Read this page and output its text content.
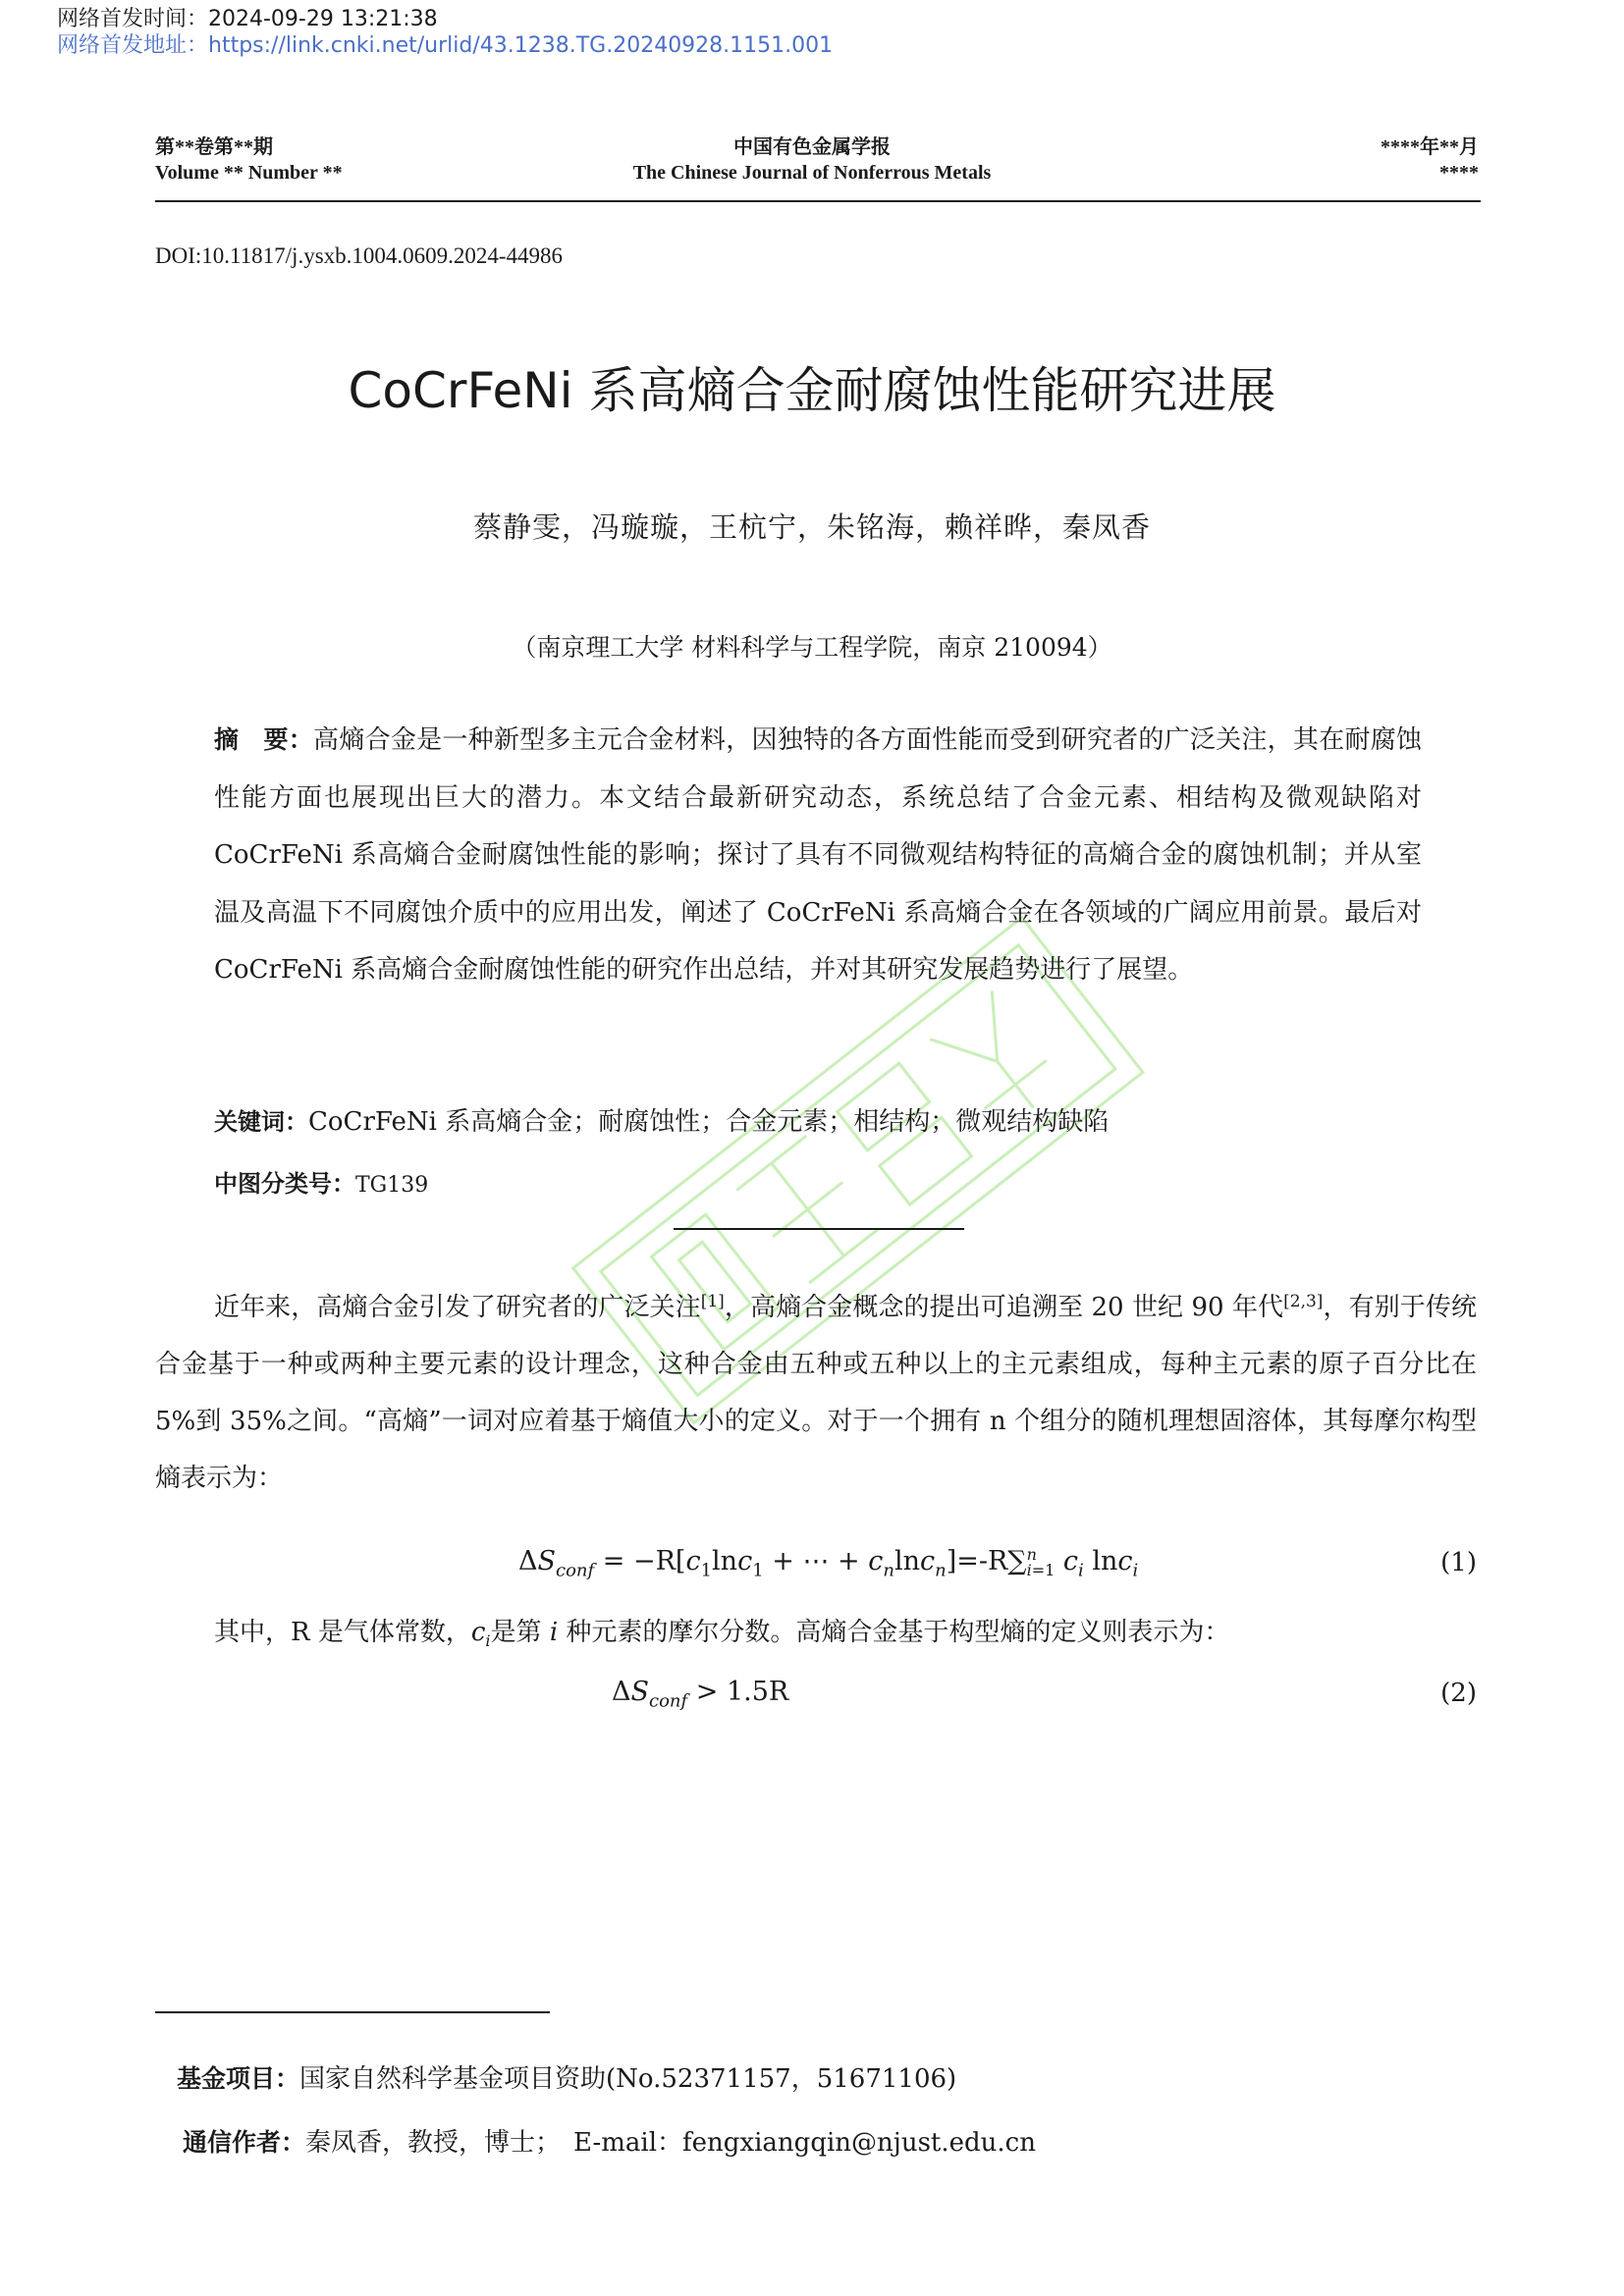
网络首发时间：2024-09-29 13:21:38
网络首发地址：https://link.cnki.net/urlid/43.1238.TG.20240928.1151.001
第**卷第**期
Volume ** Number **
中国有色金属学报
The Chinese Journal of Nonferrous Metals
****年**月
****
DOI:10.11817/j.ysxb.1004.0609.2024-44986
CoCrFeNi 系高熵合金耐腐蚀性能研究进展
蔡静雯，冯璇璇，王杭宁，朱铭海，赖祥晔，秦凤香
（南京理工大学 材料科学与工程学院，南京 210094）
摘　要：高熵合金是一种新型多主元合金材料，因独特的各方面性能而受到研究者的广泛关注，其在耐腐蚀性能方面也展现出巨大的潜力。本文结合最新研究动态，系统总结了合金元素、相结构及微观缺陷对 CoCrFeNi 系高熵合金耐腐蚀性能的影响；探讨了具有不同微观结构特征的高熵合金的腐蚀机制；并从室温及高温下不同腐蚀介质中的应用出发，阐述了 CoCrFeNi 系高熵合金在各领域的广阔应用前景。最后对 CoCrFeNi 系高熵合金耐腐蚀性能的研究作出总结，并对其研究发展趋势进行了展望。
关键词：CoCrFeNi 系高熵合金；耐腐蚀性；合金元素；相结构；微观结构缺陷
中图分类号：TG139
近年来，高熵合金引发了研究者的广泛关注[1]，高熵合金概念的提出可追溯至 20 世纪 90 年代[2,3]，有别于传统合金基于一种或两种主要元素的设计理念，这种合金由五种或五种以上的主元素组成，每种主元素的原子百分比在 5%到 35%之间。“高熵”一词对应着基于熵值大小的定义。对于一个拥有 n 个组分的随机理想固溶体，其每摩尔构型熵表示为：
$\Delta S_{conf} = -R[c_1\ln c_1$ + ⋯ + $c_n\ln c_n]=-R\sum n$
i=1 $c_i$ lnc$_i$	(1)
其中，R 是气体常数，$c_i$是第 i 种元素的摩尔分数。高熵合金基于构型熵的定义则表示为：
$\Delta S_{conf} > 1.5R$	(2)
基金项目：国家自然科学基金项目资助(No.52371157，51671106)
通信作者：秦凤香，教授，博士；　E-mail：fengxiangqin@njust.edu.cn
